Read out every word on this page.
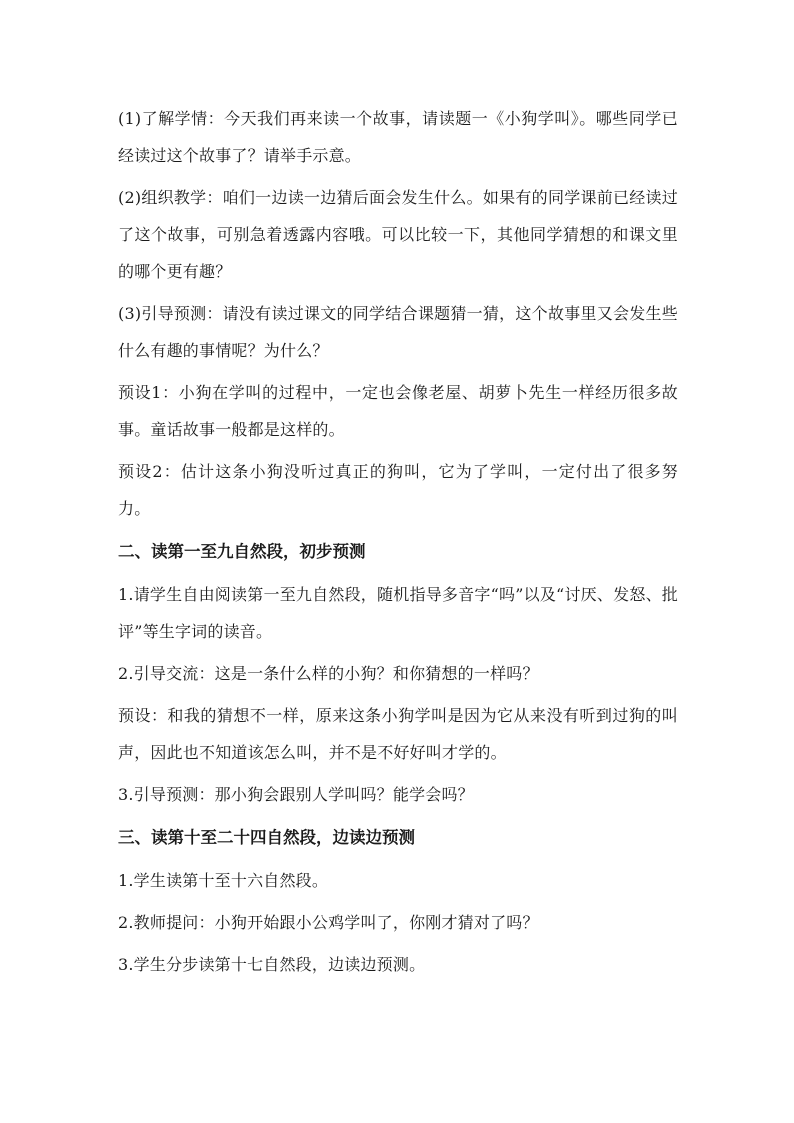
(1)了解学情：今天我们再来读一个故事，请读题一《小狗学叫》。哪些同学已经读过这个故事了？请举手示意。

(2)组织教学：咱们一边读一边猜后面会发生什么。如果有的同学课前已经读过了这个故事，可别急着透露内容哦。可以比较一下，其他同学猜想的和课文里的哪个更有趣？

(3)引导预测：请没有读过课文的同学结合课题猜一猜，这个故事里又会发生些什么有趣的事情呢？为什么？

预设1：小狗在学叫的过程中，一定也会像老屋、胡萝卜先生一样经历很多故事。童话故事一般都是这样的。

预设2：估计这条小狗没听过真正的狗叫，它为了学叫，一定付出了很多努力。

二、读第一至九自然段，初步预测

1.请学生自由阅读第一至九自然段，随机指导多音字“吗”以及“讨厌、发怒、批评”等生字词的读音。

2.引导交流：这是一条什么样的小狗？和你猜想的一样吗？

预设：和我的猜想不一样，原来这条小狗学叫是因为它从来没有听到过狗的叫声，因此也不知道该怎么叫，并不是不好好叫才学的。

3.引导预测：那小狗会跟别人学叫吗？能学会吗？

三、读第十至二十四自然段，边读边预测

1.学生读第十至十六自然段。

2.教师提问：小狗开始跟小公鸡学叫了，你刚才猜对了吗？

3.学生分步读第十七自然段，边读边预测。
